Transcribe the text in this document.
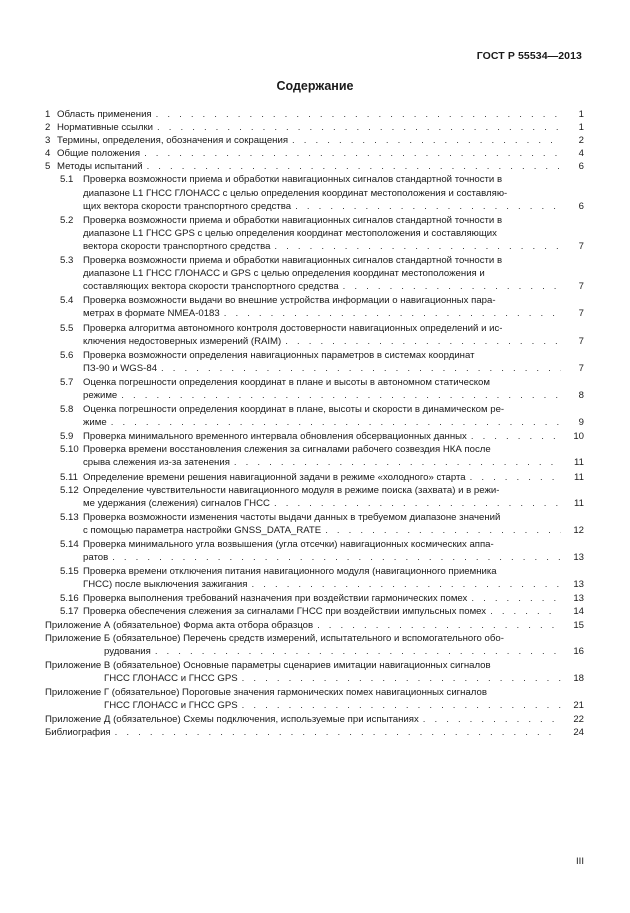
ГОСТ Р 55534—2013
Содержание
1 Область применения . . .	1
2 Нормативные ссылки . . .	1
3 Термины, определения, обозначения и сокращения . . .	2
4 Общие положения . . .	4
5 Методы испытаний . . .	6
5.1	Проверка возможности приема и обработки навигационных сигналов стандартной точности в
диапазоне L1 ГНСС ГЛОНАСС с целью определения координат местоположения и составляю-
щих вектора скорости транспортного средства . . .	6
5.2	Проверка возможности приема и обработки навигационных сигналов стандартной точности в
диапазоне L1 ГНСС GPS с целью определения координат местоположения и составляющих
вектора скорости транспортного средства . . .	7
5.3	Проверка возможности приема и обработки навигационных сигналов стандартной точности в
диапазоне L1 ГНСС ГЛОНАСС и GPS с целью определения координат местоположения и
составляющих вектора скорости транспортного средства . . .	7
5.4	Проверка возможности выдачи во внешние устройства информации о навигационных пара-
метрах в формате NMEA-0183 . . .	7
5.5	Проверка алгоритма автономного контроля достоверности навигационных определений и ис-
ключения недостоверных измерений (RAIM) . . .	7
5.6	Проверка возможности определения навигационных параметров в системах координат
ПЗ-90 и WGS-84 . . .	7
5.7	Оценка погрешности определения координат в плане и высоты в автономном статическом
режиме . . .	8
5.8	Оценка погрешности определения координат в плане, высоты и скорости в динамическом ре-
жиме . . .	9
5.9	Проверка минимального временного интервала обновления обсервационных данных . . .	10
5.10 Проверка времени восстановления слежения за сигналами рабочего созвездия НКА после
срыва слежения из-за затенения . . .	11
5.11 Определение времени решения навигационной задачи в режиме «холодного» старта . . .	11
5.12 Определение чувствительности навигационного модуля в режиме поиска (захвата) и в режи-
ме удержания (слежения) сигналов ГНСС . . .	11
5.13 Проверка возможности изменения частоты выдачи данных в требуемом диапазоне значений
с помощью параметра настройки GNSS_DATA_RATE . . .	12
5.14 Проверка минимального угла возвышения (угла отсечки) навигационных космических аппа-
ратов . . .	13
5.15 Проверка времени отключения питания навигационного модуля (навигационного приемника
ГНСС) после выключения зажигания . . .	13
5.16 Проверка выполнения требований назначения при воздействии гармонических помех . . .	13
5.17 Проверка обеспечения слежения за сигналами ГНСС при воздействии импульсных помех . . .	14
Приложение А (обязательное) Форма акта отбора образцов . . .	15
Приложение Б (обязательное) Перечень средств измерений, испытательного и вспомогательного обо-
рудования . . .	16
Приложение В (обязательное) Основные параметры сценариев имитации навигационных сигналов
ГНСС ГЛОНАСС и ГНСС GPS . . .	18
Приложение Г (обязательное) Пороговые значения гармонических помех навигационных сигналов
ГНСС ГЛОНАСС и ГНСС GPS . . .	21
Приложение Д (обязательное) Схемы подключения, используемые при испытаниях . . .	22
Библиография . . .	24
III
